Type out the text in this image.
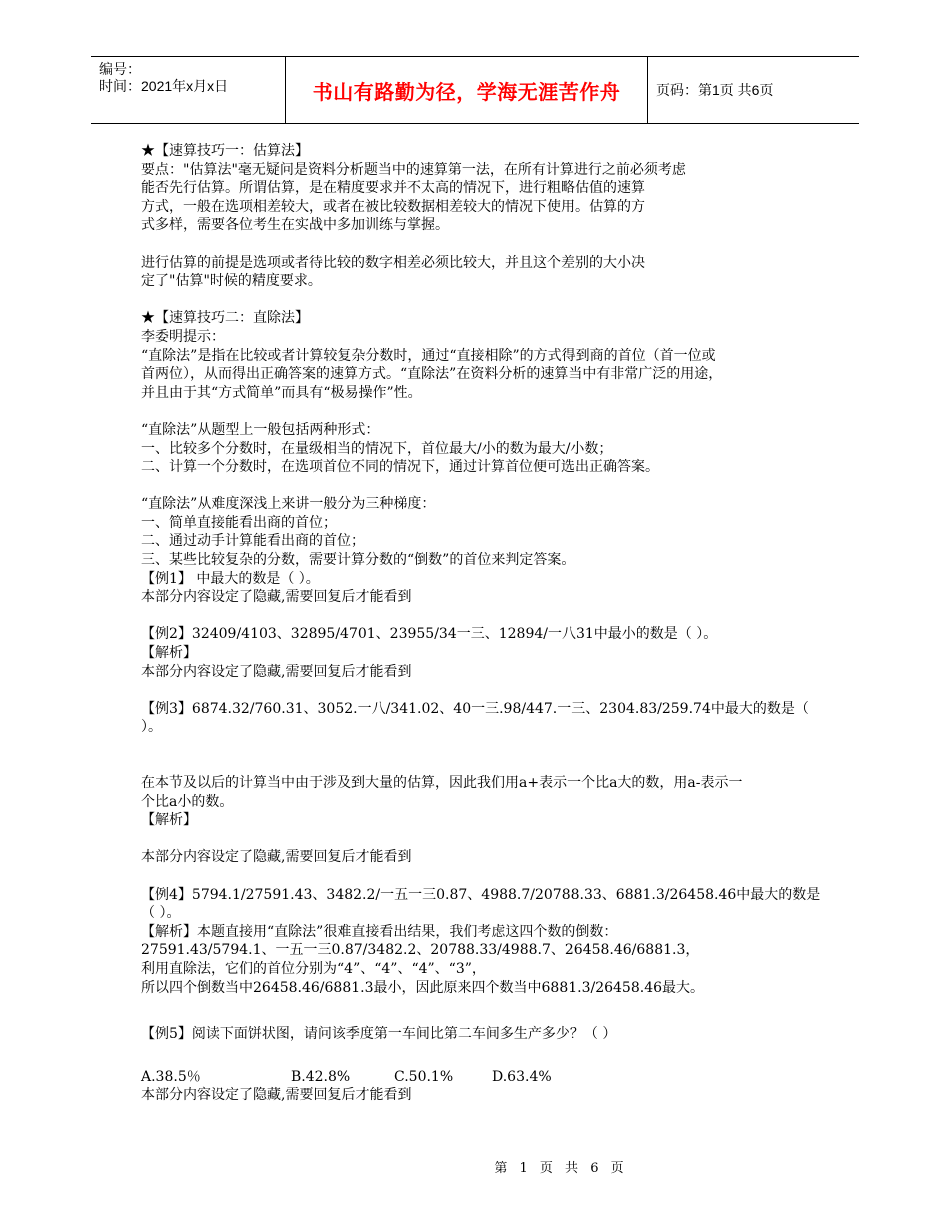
编号：
时间：2021年x月x日	书山有路勤为径，学海无涯苦作舟	页码：第1页 共6页

★【速算技巧一：估算法】

要点："估算法"毫无疑问是资料分析题当中的速算第一法，在所有计算进行之前必须考虑

能否先行估算。所谓估算，是在精度要求并不太高的情况下，进行粗略估值的速算

方式，一般在选项相差较大，或者在被比较数据相差较大的情况下使用。估算的方

式多样，需要各位考生在实战中多加训练与掌握。

进行估算的前提是选项或者待比较的数字相差必须比较大，并且这个差别的大小决

定了"估算"时候的精度要求。

★【速算技巧二：直除法】

李委明提示：

“直除法”是指在比较或者计算较复杂分数时，通过“直接相除”的方式得到商的首位（首一位或

首两位），从而得出正确答案的速算方式。“直除法”在资料分析的速算当中有非常广泛的用途，

并且由于其“方式简单”而具有“极易操作”性。

“直除法”从题型上一般包括两种形式：

一、比较多个分数时，在量级相当的情况下，首位最大/小的数为最大/小数；

二、计算一个分数时，在选项首位不同的情况下，通过计算首位便可选出正确答案。

“直除法”从难度深浅上来讲一般分为三种梯度：

一、简单直接能看出商的首位；

二、通过动手计算能看出商的首位；

三、某些比较复杂的分数，需要计算分数的“倒数”的首位来判定答案。

【例1】 中最大的数是（ ）。

本部分内容设定了隐藏,需要回复后才能看到

【例2】32409/4103、32895/4701、23955/34一三、12894/一八31中最小的数是（ ）。

【解析】

本部分内容设定了隐藏,需要回复后才能看到

【例3】6874.32/760.31、3052.一八/341.02、40一三.98/447.一三、2304.83/259.74中最大的数是（

）。

在本节及以后的计算当中由于涉及到大量的估算，因此我们用a+表示一个比a大的数，用a-表示一

个比a小的数。

【解析】

本部分内容设定了隐藏,需要回复后才能看到

【例4】5794.1/27591.43、3482.2/一五一三0.87、4988.7/20788.33、6881.3/26458.46中最大的数是

（ ）。

【解析】本题直接用“直除法”很难直接看出结果，我们考虑这四个数的倒数：

27591.43/5794.1、一五一三0.87/3482.2、20788.33/4988.7、26458.46/6881.3，

利用直除法，它们的首位分别为“4”、“4”、“4”、“3”，

所以四个倒数当中26458.46/6881.3最小，因此原来四个数当中6881.3/26458.46最大。

【例5】阅读下面饼状图，请问该季度第一车间比第二车间多生产多少？（ ）

A.38.5％	B.42.8%	C.50.1%	D.63.4%

本部分内容设定了隐藏,需要回复后才能看到

第 1 页 共 6 页
